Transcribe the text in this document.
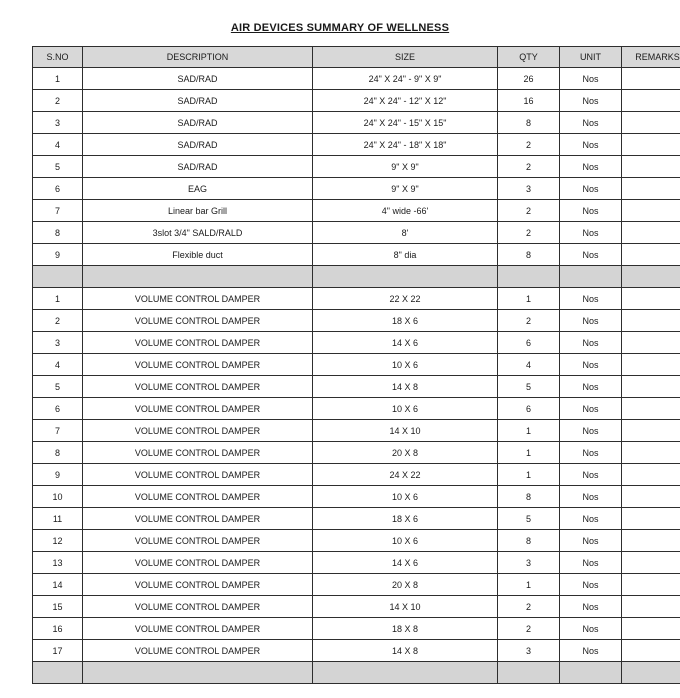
AIR DEVICES SUMMARY OF WELLNESS
S.NO	DESCRIPTION	SIZE	QTY	UNIT	REMARKS
1	SAD/RAD	24" X 24" - 9" X 9"	26	Nos	
2	SAD/RAD	24" X 24" - 12" X 12"	16	Nos	
3	SAD/RAD	24" X 24" - 15" X 15"	8	Nos	
4	SAD/RAD	24" X 24" - 18" X 18"	2	Nos	
5	SAD/RAD	9" X 9"	2	Nos	
6	EAG	9" X 9"	3	Nos	
7	Linear bar Grill	4" wide -66'	2	Nos	
8	3slot 3/4" SALD/RALD	8'	2	Nos	
9	Flexible duct	8" dia	8	Nos	

1	VOLUME CONTROL DAMPER	22 X 22	1	Nos	
2	VOLUME CONTROL DAMPER	18 X 6	2	Nos	
3	VOLUME CONTROL DAMPER	14 X 6	6	Nos	
4	VOLUME CONTROL DAMPER	10 X 6	4	Nos	
5	VOLUME CONTROL DAMPER	14 X 8	5	Nos	
6	VOLUME CONTROL DAMPER	10 X 6	6	Nos	
7	VOLUME CONTROL DAMPER	14 X 10	1	Nos	
8	VOLUME CONTROL DAMPER	20 X 8	1	Nos	
9	VOLUME CONTROL DAMPER	24 X 22	1	Nos	
10	VOLUME CONTROL DAMPER	10 X 6	8	Nos	
11	VOLUME CONTROL DAMPER	18 X 6	5	Nos	
12	VOLUME CONTROL DAMPER	10 X 6	8	Nos	
13	VOLUME CONTROL DAMPER	14 X 6	3	Nos	
14	VOLUME CONTROL DAMPER	20 X 8	1	Nos	
15	VOLUME CONTROL DAMPER	14 X 10	2	Nos	
16	VOLUME CONTROL DAMPER	18 X 8	2	Nos	
17	VOLUME CONTROL DAMPER	14 X 8	3	Nos	
